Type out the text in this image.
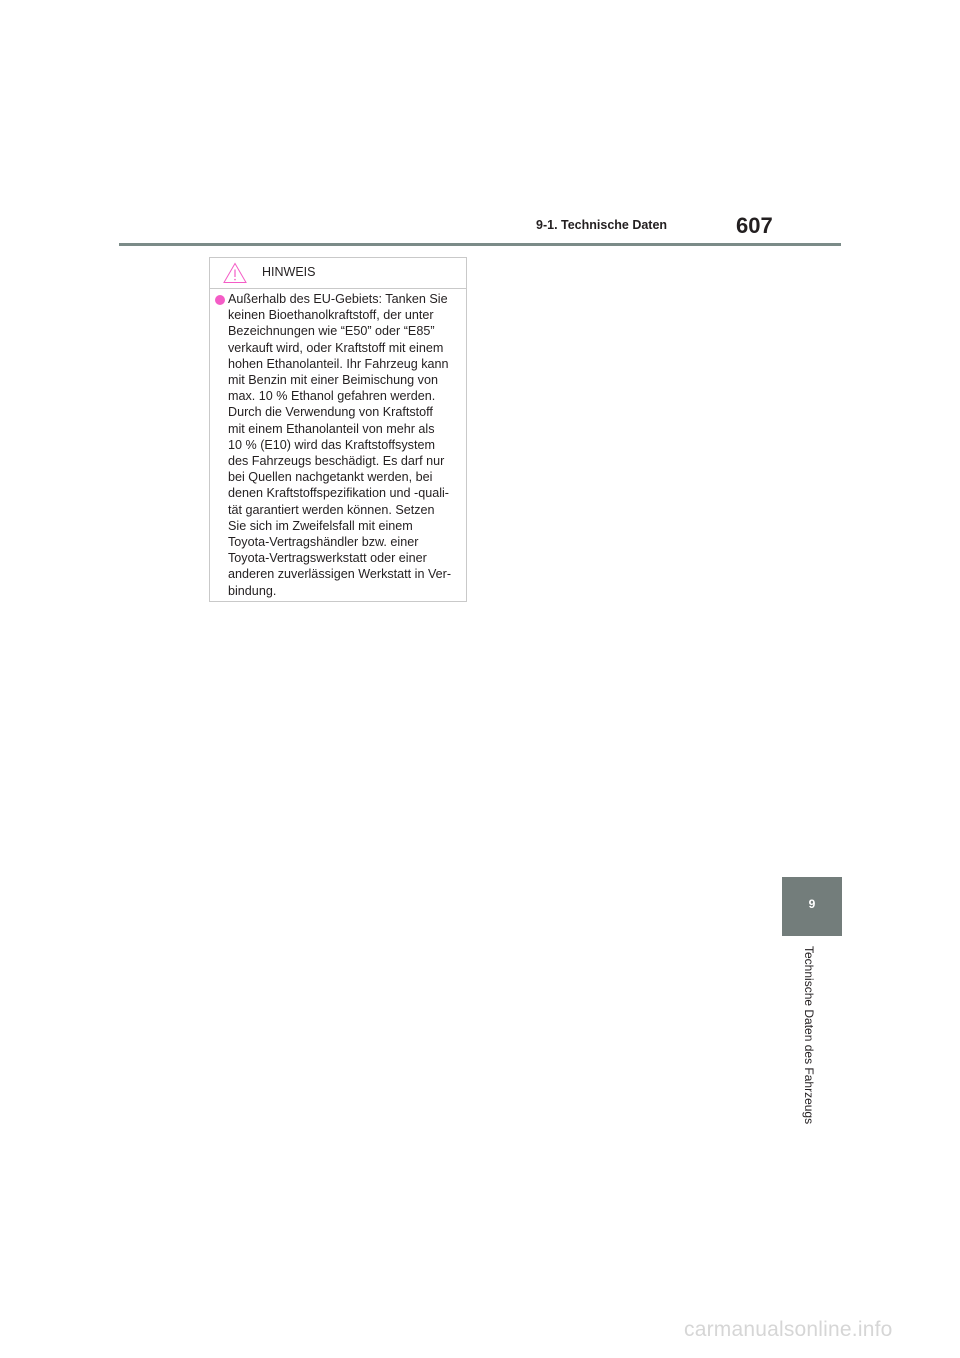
9-1. Technische Daten	607
HINWEIS

Außerhalb des EU-Gebiets: Tanken Sie
keinen Bioethanolkraftstoff, der unter
Bezeichnungen wie “E50” oder “E85”
verkauft wird, oder Kraftstoff mit einem
hohen Ethanolanteil. Ihr Fahrzeug kann
mit Benzin mit einer Beimischung von
max. 10 % Ethanol gefahren werden.
Durch die Verwendung von Kraftstoff
mit einem Ethanolanteil von mehr als
10 % (E10) wird das Kraftstoffsystem
des Fahrzeugs beschädigt. Es darf nur
bei Quellen nachgetankt werden, bei
denen Kraftstoffspezifikation und -quali-
tät garantiert werden können. Setzen
Sie sich im Zweifelsfall mit einem
Toyota-Vertragshändler bzw. einer
Toyota-Vertragswerkstatt oder einer
anderen zuverlässigen Werkstatt in Ver-
bindung.

9
Technische Daten des Fahrzeugs
carmanualsonline.info
